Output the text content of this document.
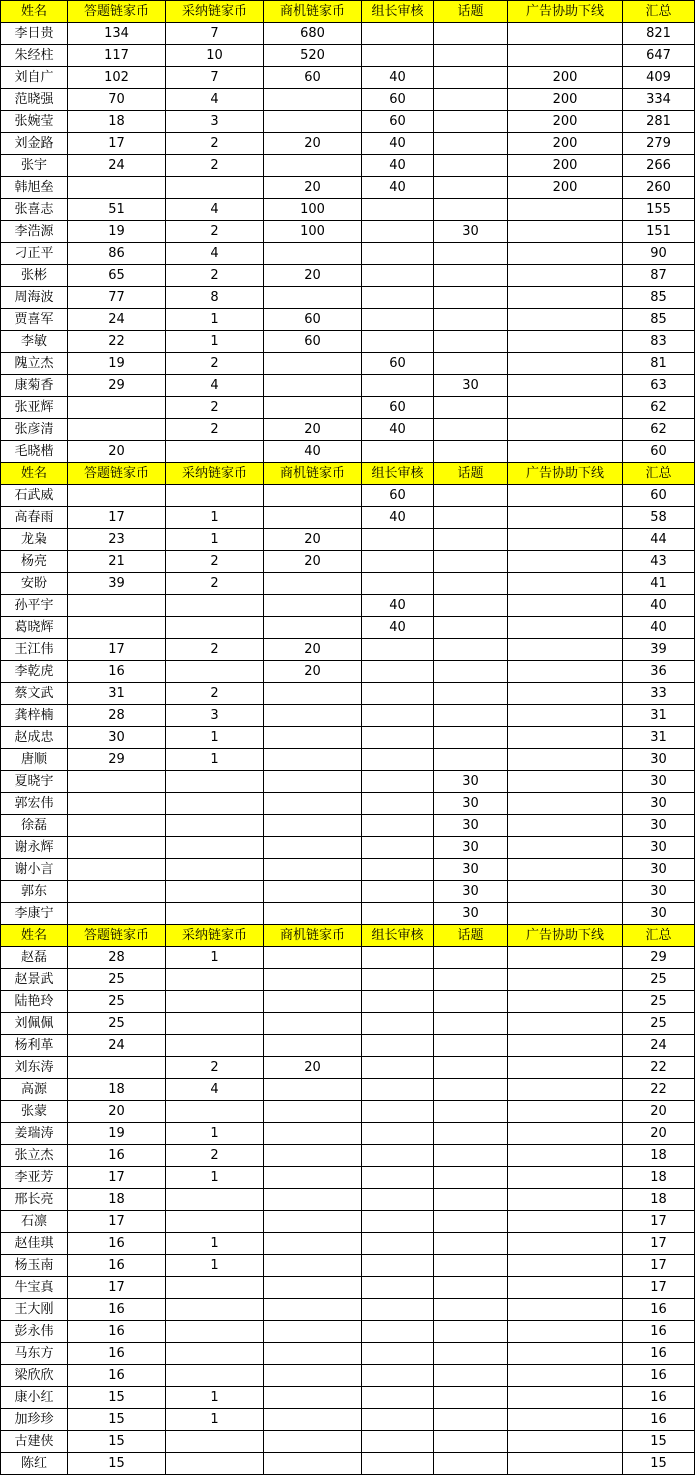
姓名	答题链家币	采纳链家币	商机链家币	组长审核	话题	广告协助下线	汇总
李日贵	134	7	680				821
朱经柱	117	10	520				647
刘自广	102	7	60	40		200	409
范晓强	70	4		60		200	334
张婉莹	18	3		60		200	281
刘金路	17	2	20	40		200	279
张宇	24	2		40		200	266
韩旭垒			20	40		200	260
张喜志	51	4	100				155
李浩源	19	2	100		30		151
刁正平	86	4					90
张彬	65	2	20				87
周海波	77	8					85
贾喜军	24	1	60				85
李敏	22	1	60				83
隗立杰	19	2		60			81
康菊香	29	4			30		63
张亚辉		2		60			62
张彦清		2	20	40			62
毛晓楷	20		40				60
姓名	答题链家币	采纳链家币	商机链家币	组长审核	话题	广告协助下线	汇总
石武威				60			60
高春雨	17	1		40			58
龙枭	23	1	20				44
杨亮	21	2	20				43
安盼	39	2					41
孙平宇				40			40
葛晓辉				40			40
王江伟	17	2	20				39
李乾虎	16		20				36
蔡文武	31	2					33
龚梓楠	28	3					31
赵成忠	30	1					31
唐顺	29	1					30
夏晓宇					30		30
郭宏伟					30		30
徐磊					30		30
谢永辉					30		30
谢小言					30		30
郭东					30		30
李康宁					30		30
姓名	答题链家币	采纳链家币	商机链家币	组长审核	话题	广告协助下线	汇总
赵磊	28	1					29
赵景武	25						25
陆艳玲	25						25
刘佩佩	25						25
杨利革	24						24
刘东涛		2	20				22
高源	18	4					22
张蒙	20						20
姜瑞涛	19	1					20
张立杰	16	2					18
李亚芳	17	1					18
邢长亮	18						18
石凛	17						17
赵佳琪	16	1					17
杨玉南	16	1					17
牛宝真	17						17
王大刚	16						16
彭永伟	16						16
马东方	16						16
梁欣欣	16						16
康小红	15	1					16
加珍珍	15	1					16
古建侠	15						15
陈红	15						15
